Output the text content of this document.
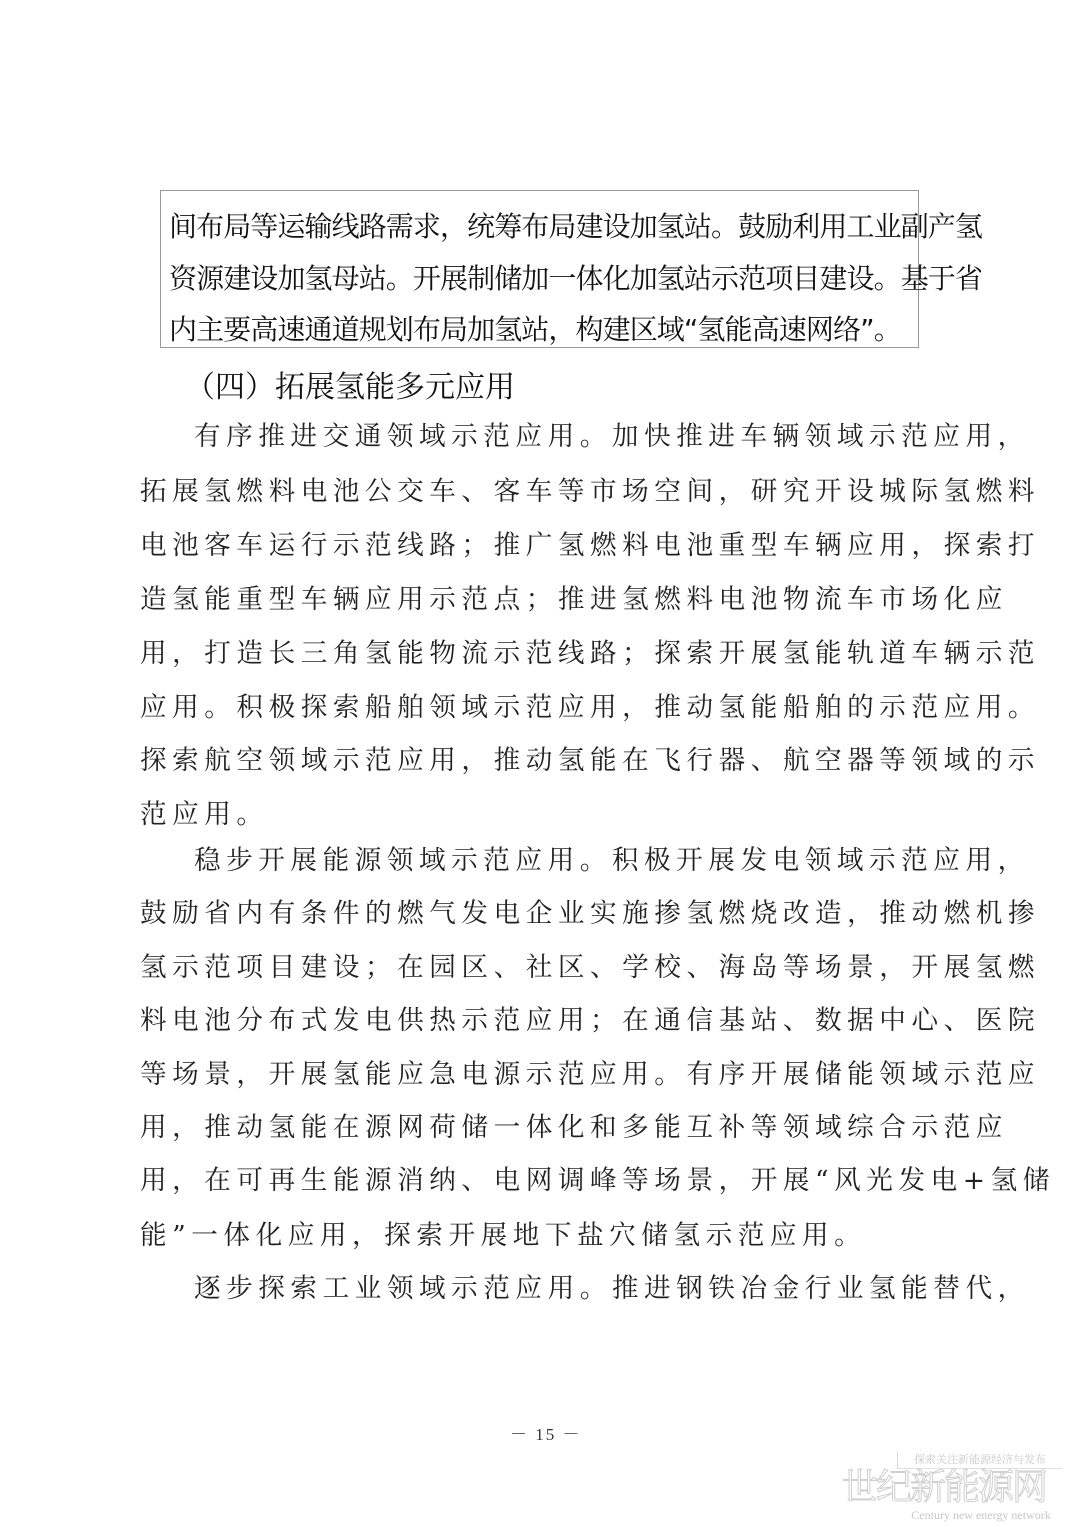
间布局等运输线路需求，统筹布局建设加氢站。鼓励利用工业副产氢
资源建设加氢母站。开展制储加一体化加氢站示范项目建设。基于省
内主要高速通道规划布局加氢站，构建区域“氢能高速网络”。
（四）拓展氢能多元应用
有序推进交通领域示范应用。加快推进车辆领域示范应用，
拓展氢燃料电池公交车、客车等市场空间，研究开设城际氢燃料
电池客车运行示范线路；推广氢燃料电池重型车辆应用，探索打
造氢能重型车辆应用示范点；推进氢燃料电池物流车市场化应
用，打造长三角氢能物流示范线路；探索开展氢能轨道车辆示范
应用。积极探索船舶领域示范应用，推动氢能船舶的示范应用。
探索航空领域示范应用，推动氢能在飞行器、航空器等领域的示
范应用。
稳步开展能源领域示范应用。积极开展发电领域示范应用，
鼓励省内有条件的燃气发电企业实施掺氢燃烧改造，推动燃机掺
氢示范项目建设；在园区、社区、学校、海岛等场景，开展氢燃
料电池分布式发电供热示范应用；在通信基站、数据中心、医院
等场景，开展氢能应急电源示范应用。有序开展储能领域示范应
用，推动氢能在源网荷储一体化和多能互补等领域综合示范应
用，在可再生能源消纳、电网调峰等场景，开展“风光发电+氢储
能”一体化应用，探索开展地下盐穴储氢示范应用。
逐步探索工业领域示范应用。推进钢铁冶金行业氢能替代，
－ 15 －
探索关注新能源经济与发布
世纪新能源网
Century new energy network
